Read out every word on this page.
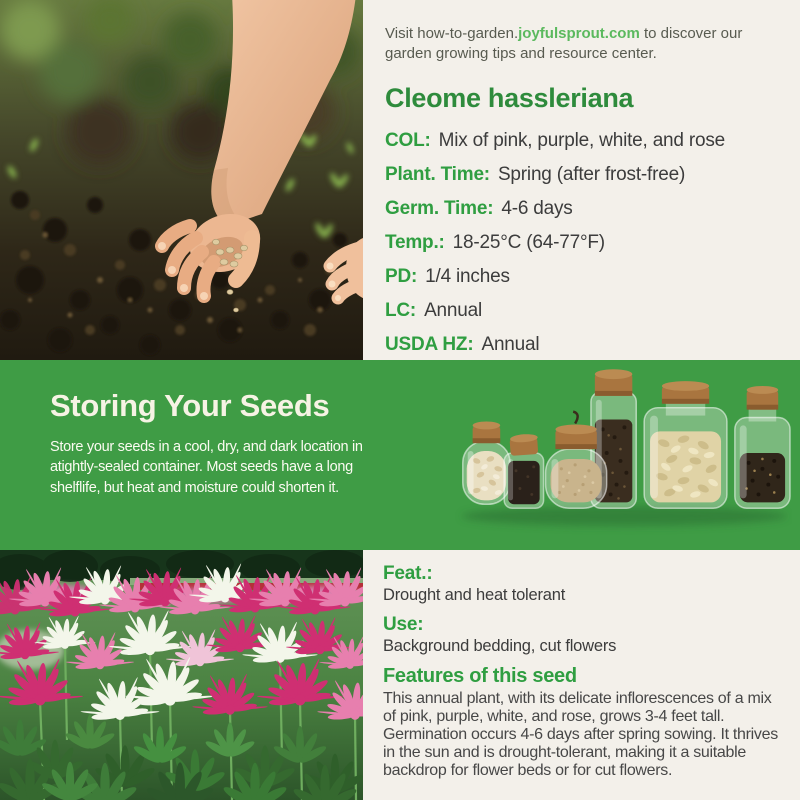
Visit how-to-garden.joyfulsprout.com to discover our garden growing tips and resource center.
Cleome hassleriana
COL: Mix of pink, purple, white, and rose
Plant. Time: Spring (after frost-free)
Germ. Time: 4-6 days
Temp.: 18-25°C (64-77°F)
PD: 1/4 inches
LC: Annual
USDA HZ: Annual
Storing Your Seeds
Store your seeds in a cool, dry, and dark location in atightly-sealed container. Most seeds have a long shelflife, but heat and moisture could shorten it.
Feat.:
Drought and heat tolerant
Use:
Background bedding, cut flowers
Features of this seed
This annual plant, with its delicate inflorescences of a mix of pink, purple, white, and rose, grows 3-4 feet tall. Germination occurs 4-6 days after spring sowing. It thrives in the sun and is drought-tolerant, making it a suitable backdrop for flower beds or for cut flowers.
